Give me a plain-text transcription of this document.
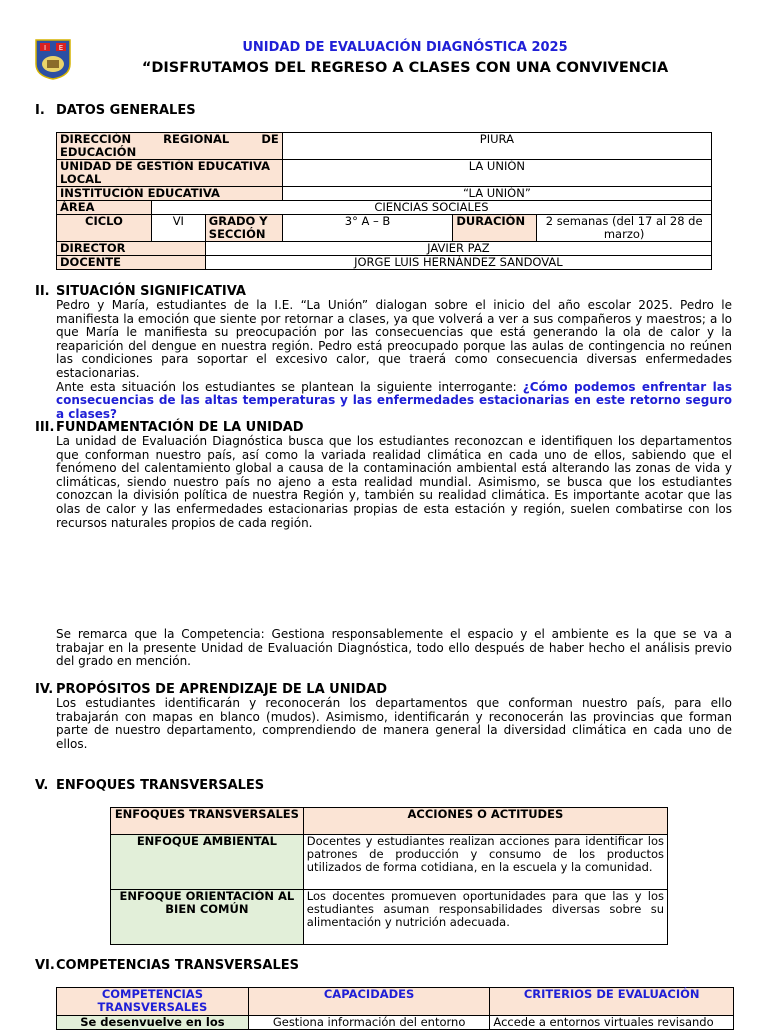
I E	UNIDAD DE EVALUACIÓN DIAGNÓSTICA 2025
“DISFRUTAMOS DEL REGRESO A CLASES CON UNA CONVIVENCIA
I. DATOS GENERALES
DIRECCIÓN REGIONAL DE EDUCACIÓN			PIURA		
UNIDAD DE GESTIÓN EDUCATIVA LOCAL			LA UNIÓN		
INSTITUCIÓN EDUCATIVA			“LA UNIÓN”		
ÁREA	CIENCIAS SOCIALES				
CICLO	VI	GRADO Y SECCIÓN	3° A – B	DURACIÓN	2 semanas (del 17 al 28 de marzo)
DIRECTOR		JAVIER PAZ			
DOCENTE		JORGE LUIS HERNÁNDEZ SANDOVAL			
II. SITUACIÓN SIGNIFICATIVA
Pedro y María, estudiantes de la I.E. “La Unión” dialogan sobre el inicio del año escolar 2025. Pedro le manifiesta la emoción que siente por retornar a clases, ya que volverá a ver a sus compañeros y maestros; a lo que María le manifiesta su preocupación por las consecuencias que está generando la ola de calor y la reaparición del dengue en nuestra región. Pedro está preocupado porque las aulas de contingencia no reúnen las condiciones para soportar el excesivo calor, que traerá como consecuencia diversas enfermedades estacionarias.
Ante esta situación los estudiantes se plantean la siguiente interrogante: ¿Cómo podemos enfrentar las consecuencias de las altas temperaturas y las enfermedades estacionarias en este retorno seguro a clases?
III. FUNDAMENTACIÓN DE LA UNIDAD
La unidad de Evaluación Diagnóstica busca que los estudiantes reconozcan e identifiquen los departamentos que conforman nuestro país, así como la variada realidad climática en cada uno de ellos, sabiendo que el fenómeno del calentamiento global a causa de la contaminación ambiental está alterando las zonas de vida y climáticas, siendo nuestro país no ajeno a esta realidad mundial. Asimismo, se busca que los estudiantes conozcan la división política de nuestra Región y, también su realidad climática. Es importante acotar que las olas de calor y las enfermedades estacionarias propias de esta estación y región, suelen combatirse con los recursos naturales propios de cada región.
Se remarca que la Competencia: Gestiona responsablemente el espacio y el ambiente es la que se va a trabajar en la presente Unidad de Evaluación Diagnóstica, todo ello después de haber hecho el análisis previo del grado en mención.
IV. PROPÓSITOS DE APRENDIZAJE DE LA UNIDAD
Los estudiantes identificarán y reconocerán los departamentos que conforman nuestro país, para ello trabajarán con mapas en blanco (mudos). Asimismo, identificarán y reconocerán las provincias que forman parte de nuestro departamento, comprendiendo de manera general la diversidad climática en cada uno de ellos.
V. ENFOQUES TRANSVERSALES
ENFOQUES TRANSVERSALES	ACCIONES O ACTITUDES
ENFOQUE AMBIENTAL	Docentes y estudiantes realizan acciones para identificar los patrones de producción y consumo de los productos utilizados de forma cotidiana, en la escuela y la comunidad.
ENFOQUE ORIENTACIÓN AL BIEN COMÚN	Los docentes promueven oportunidades para que las y los estudiantes asuman responsabilidades diversas sobre su alimentación y nutrición adecuada.
VI.COMPETENCIAS TRANSVERSALES
COMPETENCIAS TRANSVERSALES	CAPACIDADES	CRITERIOS DE EVALUACIÓN
Se desenvuelve en los	Gestiona información del entorno	Accede a entornos virtuales revisando
